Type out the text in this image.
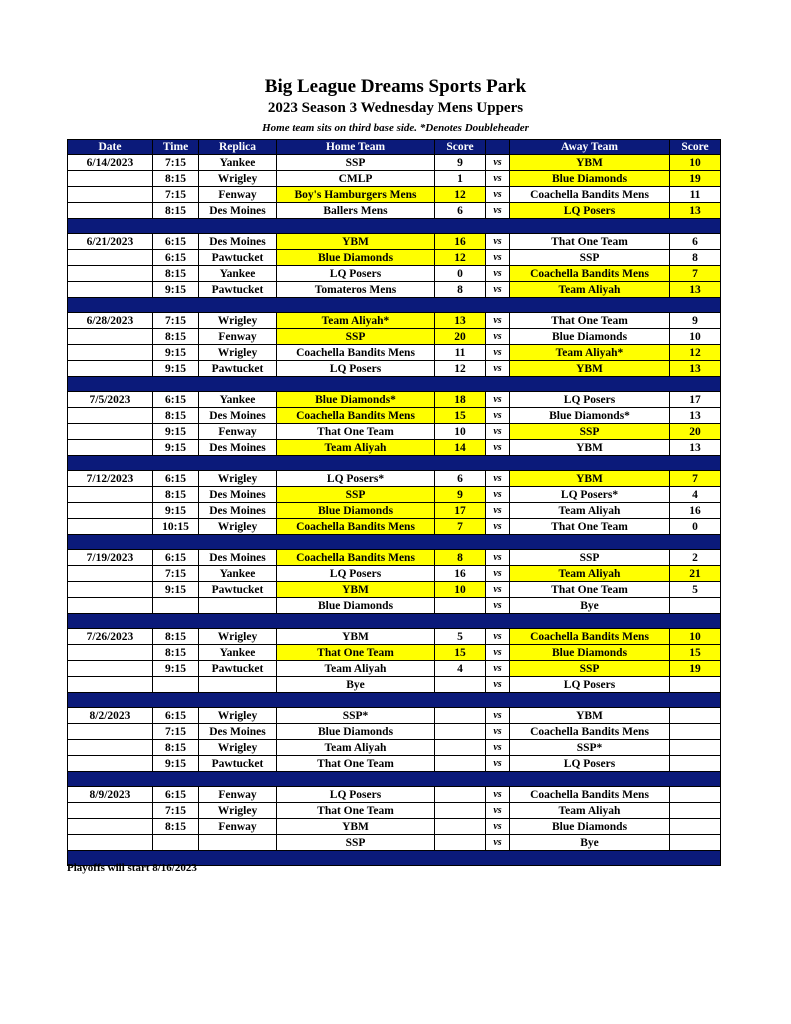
Big League Dreams Sports Park
2023 Season 3 Wednesday Mens Uppers
Home team sits on third base side. *Denotes Doubleheader
Date	Time	Replica	Home Team	Score		Away Team	Score
6/14/2023	7:15	Yankee	SSP	9	vs	YBM	10
	8:15	Wrigley	CMLP	1	vs	Blue Diamonds	19
	7:15	Fenway	Boy's Hamburgers Mens	12	vs	Coachella Bandits Mens	11
	8:15	Des Moines	Ballers Mens	6	vs	LQ Posers	13

6/21/2023	6:15	Des Moines	YBM	16	vs	That One Team	6
	6:15	Pawtucket	Blue Diamonds	12	vs	SSP	8
	8:15	Yankee	LQ Posers	0	vs	Coachella Bandits Mens	7
	9:15	Pawtucket	Tomateros Mens	8	vs	Team Aliyah	13

6/28/2023	7:15	Wrigley	Team Aliyah*	13	vs	That One Team	9
	8:15	Fenway	SSP	20	vs	Blue Diamonds	10
	9:15	Wrigley	Coachella Bandits Mens	11	vs	Team Aliyah*	12
	9:15	Pawtucket	LQ Posers	12	vs	YBM	13

7/5/2023	6:15	Yankee	Blue Diamonds*	18	vs	LQ Posers	17
	8:15	Des Moines	Coachella Bandits Mens	15	vs	Blue Diamonds*	13
	9:15	Fenway	That One Team	10	vs	SSP	20
	9:15	Des Moines	Team Aliyah	14	vs	YBM	13

7/12/2023	6:15	Wrigley	LQ Posers*	6	vs	YBM	7
	8:15	Des Moines	SSP	9	vs	LQ Posers*	4
	9:15	Des Moines	Blue Diamonds	17	vs	Team Aliyah	16
	10:15	Wrigley	Coachella Bandits Mens	7	vs	That One Team	0

7/19/2023	6:15	Des Moines	Coachella Bandits Mens	8	vs	SSP	2
	7:15	Yankee	LQ Posers	16	vs	Team Aliyah	21
	9:15	Pawtucket	YBM	10	vs	That One Team	5
			Blue Diamonds		vs	Bye	

7/26/2023	8:15	Wrigley	YBM	5	vs	Coachella Bandits Mens	10
	8:15	Yankee	That One Team	15	vs	Blue Diamonds	15
	9:15	Pawtucket	Team Aliyah	4	vs	SSP	19
			Bye		vs	LQ Posers	

8/2/2023	6:15	Wrigley	SSP*		vs	YBM	
	7:15	Des Moines	Blue Diamonds		vs	Coachella Bandits Mens	
	8:15	Wrigley	Team Aliyah		vs	SSP*	
	9:15	Pawtucket	That One Team		vs	LQ Posers	

8/9/2023	6:15	Fenway	LQ Posers		vs	Coachella Bandits Mens	
	7:15	Wrigley	That One Team		vs	Team Aliyah	
	8:15	Fenway	YBM		vs	Blue Diamonds	
			SSP		vs	Bye	

Playoffs will start 8/16/2023
